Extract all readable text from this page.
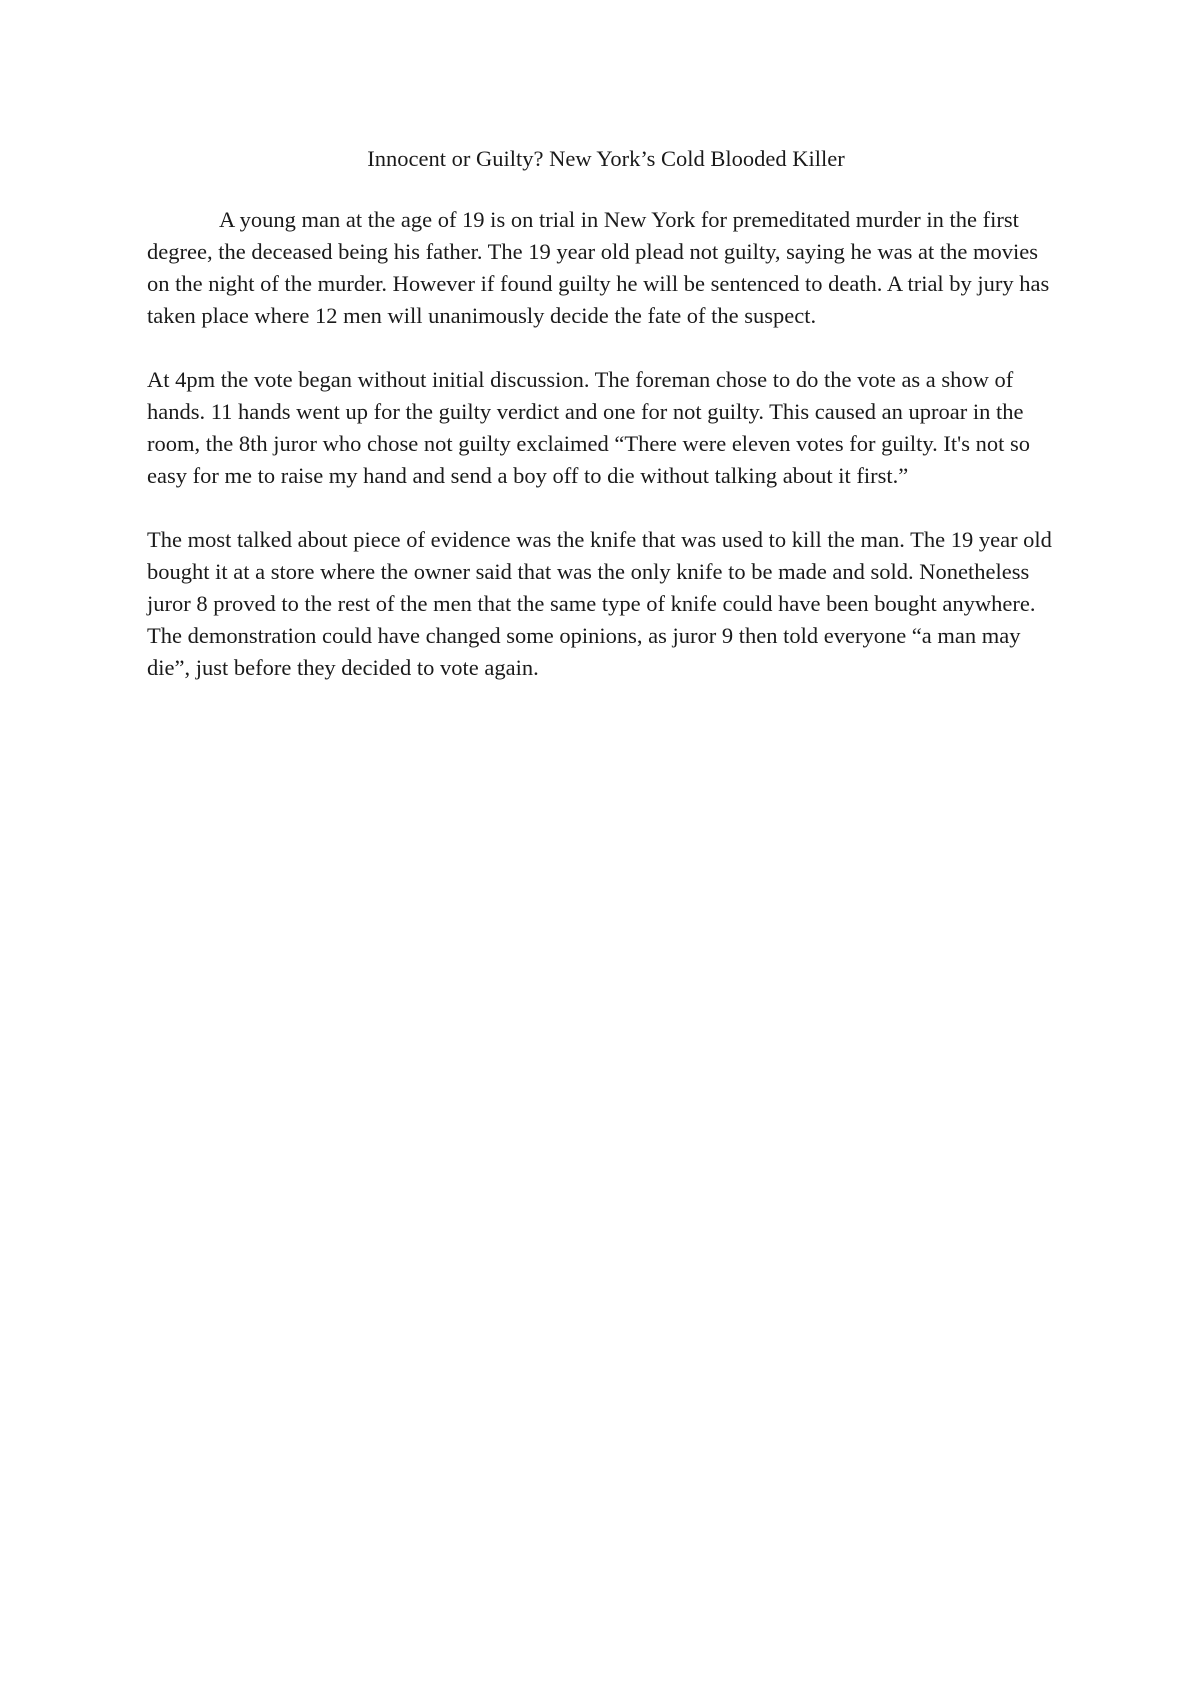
Innocent or Guilty? New York’s Cold Blooded Killer

A young man at the age of 19 is on trial in New York for premeditated murder in the first degree, the deceased being his father. The 19 year old plead not guilty, saying he was at the movies on the night of the murder. However if found guilty he will be sentenced to death. A trial by jury has taken place where 12 men will unanimously decide the fate of the suspect.

At 4pm the vote began without initial discussion. The foreman chose to do the vote as a show of hands. 11 hands went up for the guilty verdict and one for not guilty. This caused an uproar in the room, the 8th juror who chose not guilty exclaimed “There were eleven votes for guilty. It's not so easy for me to raise my hand and send a boy off to die without talking about it first.”

The most talked about piece of evidence was the knife that was used to kill the man. The 19 year old bought it at a store where the owner said that was the only knife to be made and sold. Nonetheless juror 8 proved to the rest of the men that the same type of knife could have been bought anywhere. The demonstration could have changed some opinions, as juror 9 then told everyone “a man may die”, just before they decided to vote again.
